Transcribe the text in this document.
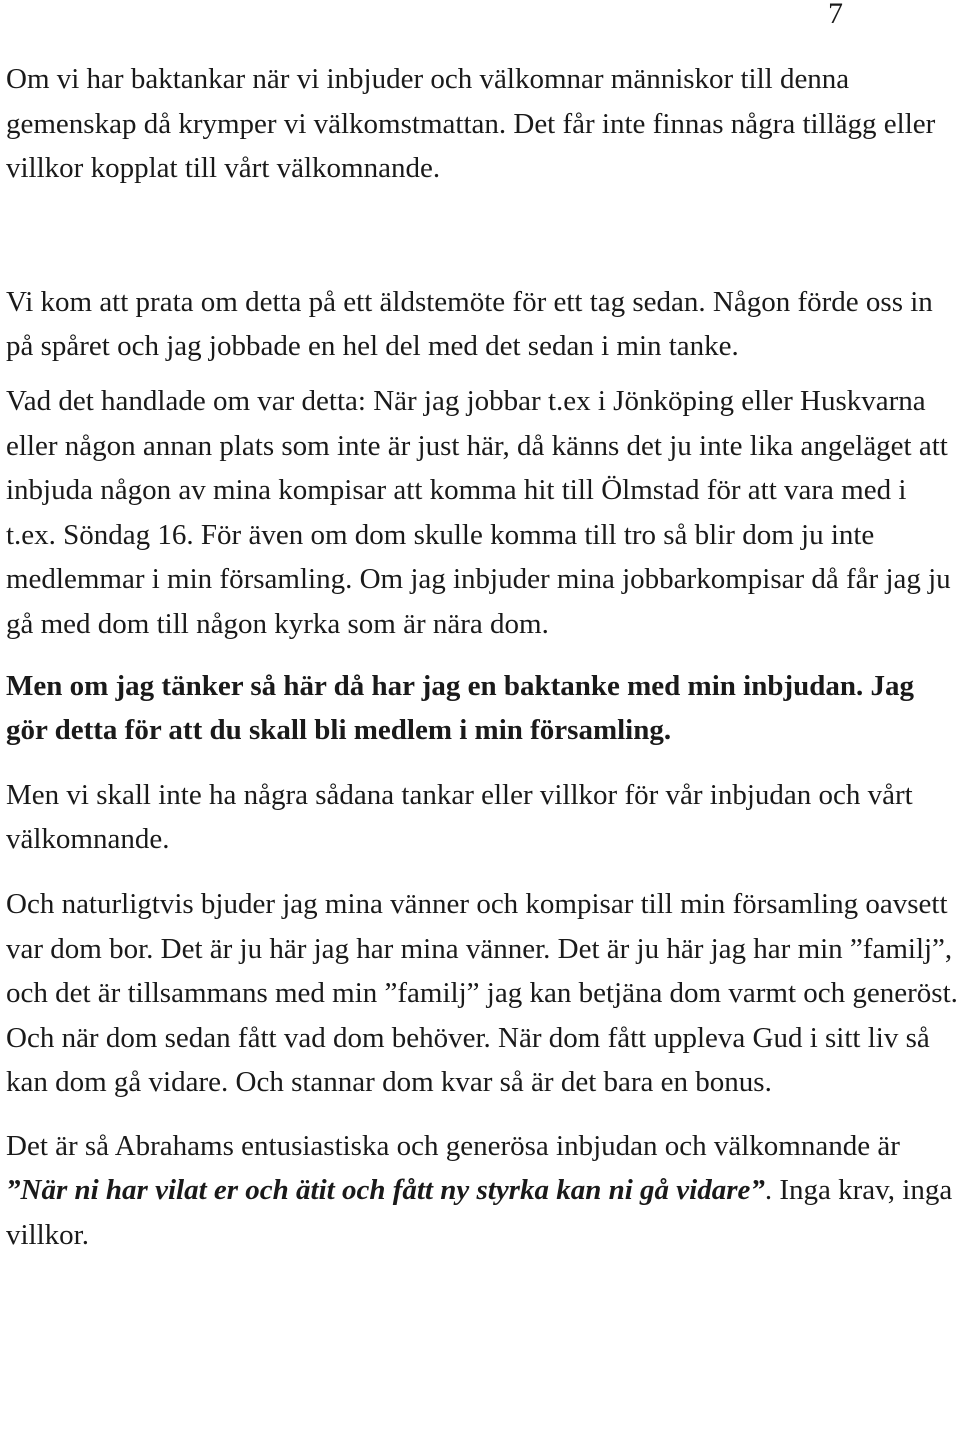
7

Om vi har baktankar när vi inbjuder och välkomnar människor till denna gemenskap då krymper vi välkomstmattan. Det får inte finnas några tillägg eller villkor kopplat till vårt välkomnande.

Vi kom att prata om detta på ett äldstemöte för ett tag sedan. Någon förde oss in på spåret och jag jobbade en hel del med det sedan i min tanke.

Vad det handlade om var detta: När jag jobbar t.ex i Jönköping eller Huskvarna eller någon annan plats som inte är just här, då känns det ju inte lika angeläget att inbjuda någon av mina kompisar att komma hit till Ölmstad för att vara med i t.ex. Söndag 16. För även om dom skulle komma till tro så blir dom ju inte medlemmar i min församling. Om jag inbjuder mina jobbarkompisar då får jag ju gå med dom till någon kyrka som är nära dom.

Men om jag tänker så här då har jag en baktanke med min inbjudan. Jag gör detta för att du skall bli medlem i min församling.

Men vi skall inte ha några sådana tankar eller villkor för vår inbjudan och vårt välkomnande.

Och naturligtvis bjuder jag mina vänner och kompisar till min församling oavsett var dom bor. Det är ju här jag har mina vänner. Det är ju här jag har min ”familj”, och det är tillsammans med min ”familj” jag kan betjäna dom varmt och generöst. Och när dom sedan fått vad dom behöver. När dom fått uppleva Gud i sitt liv så kan dom gå vidare. Och stannar dom kvar så är det bara en bonus.

Det är så Abrahams entusiastiska och generösa inbjudan och välkomnande är ”När ni har vilat er och ätit och fått ny styrka kan ni gå vidare”. Inga krav, inga villkor.
